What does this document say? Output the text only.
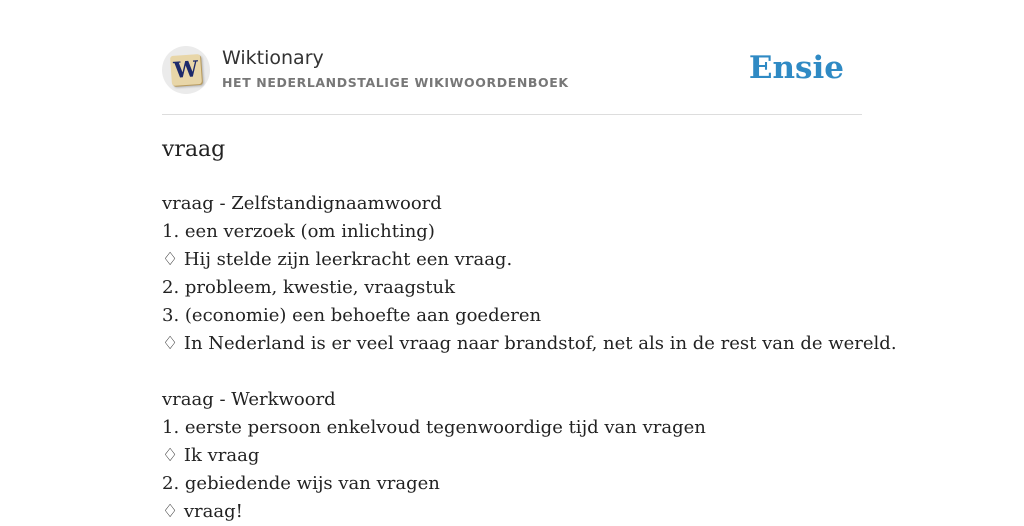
W Wiktionary
HET NEDERLANDSTALIGE WIKIWOORDENBOEK	Ensie
vraag
vraag - Zelfstandignaamwoord
1. een verzoek (om inlichting)
♢ Hij stelde zijn leerkracht een vraag.
2. probleem, kwestie, vraagstuk
3. (economie) een behoefte aan goederen
♢ In Nederland is er veel vraag naar brandstof, net als in de rest van de wereld.
vraag - Werkwoord
1. eerste persoon enkelvoud tegenwoordige tijd van vragen
♢ Ik vraag
2. gebiedende wijs van vragen
♢ vraag!
